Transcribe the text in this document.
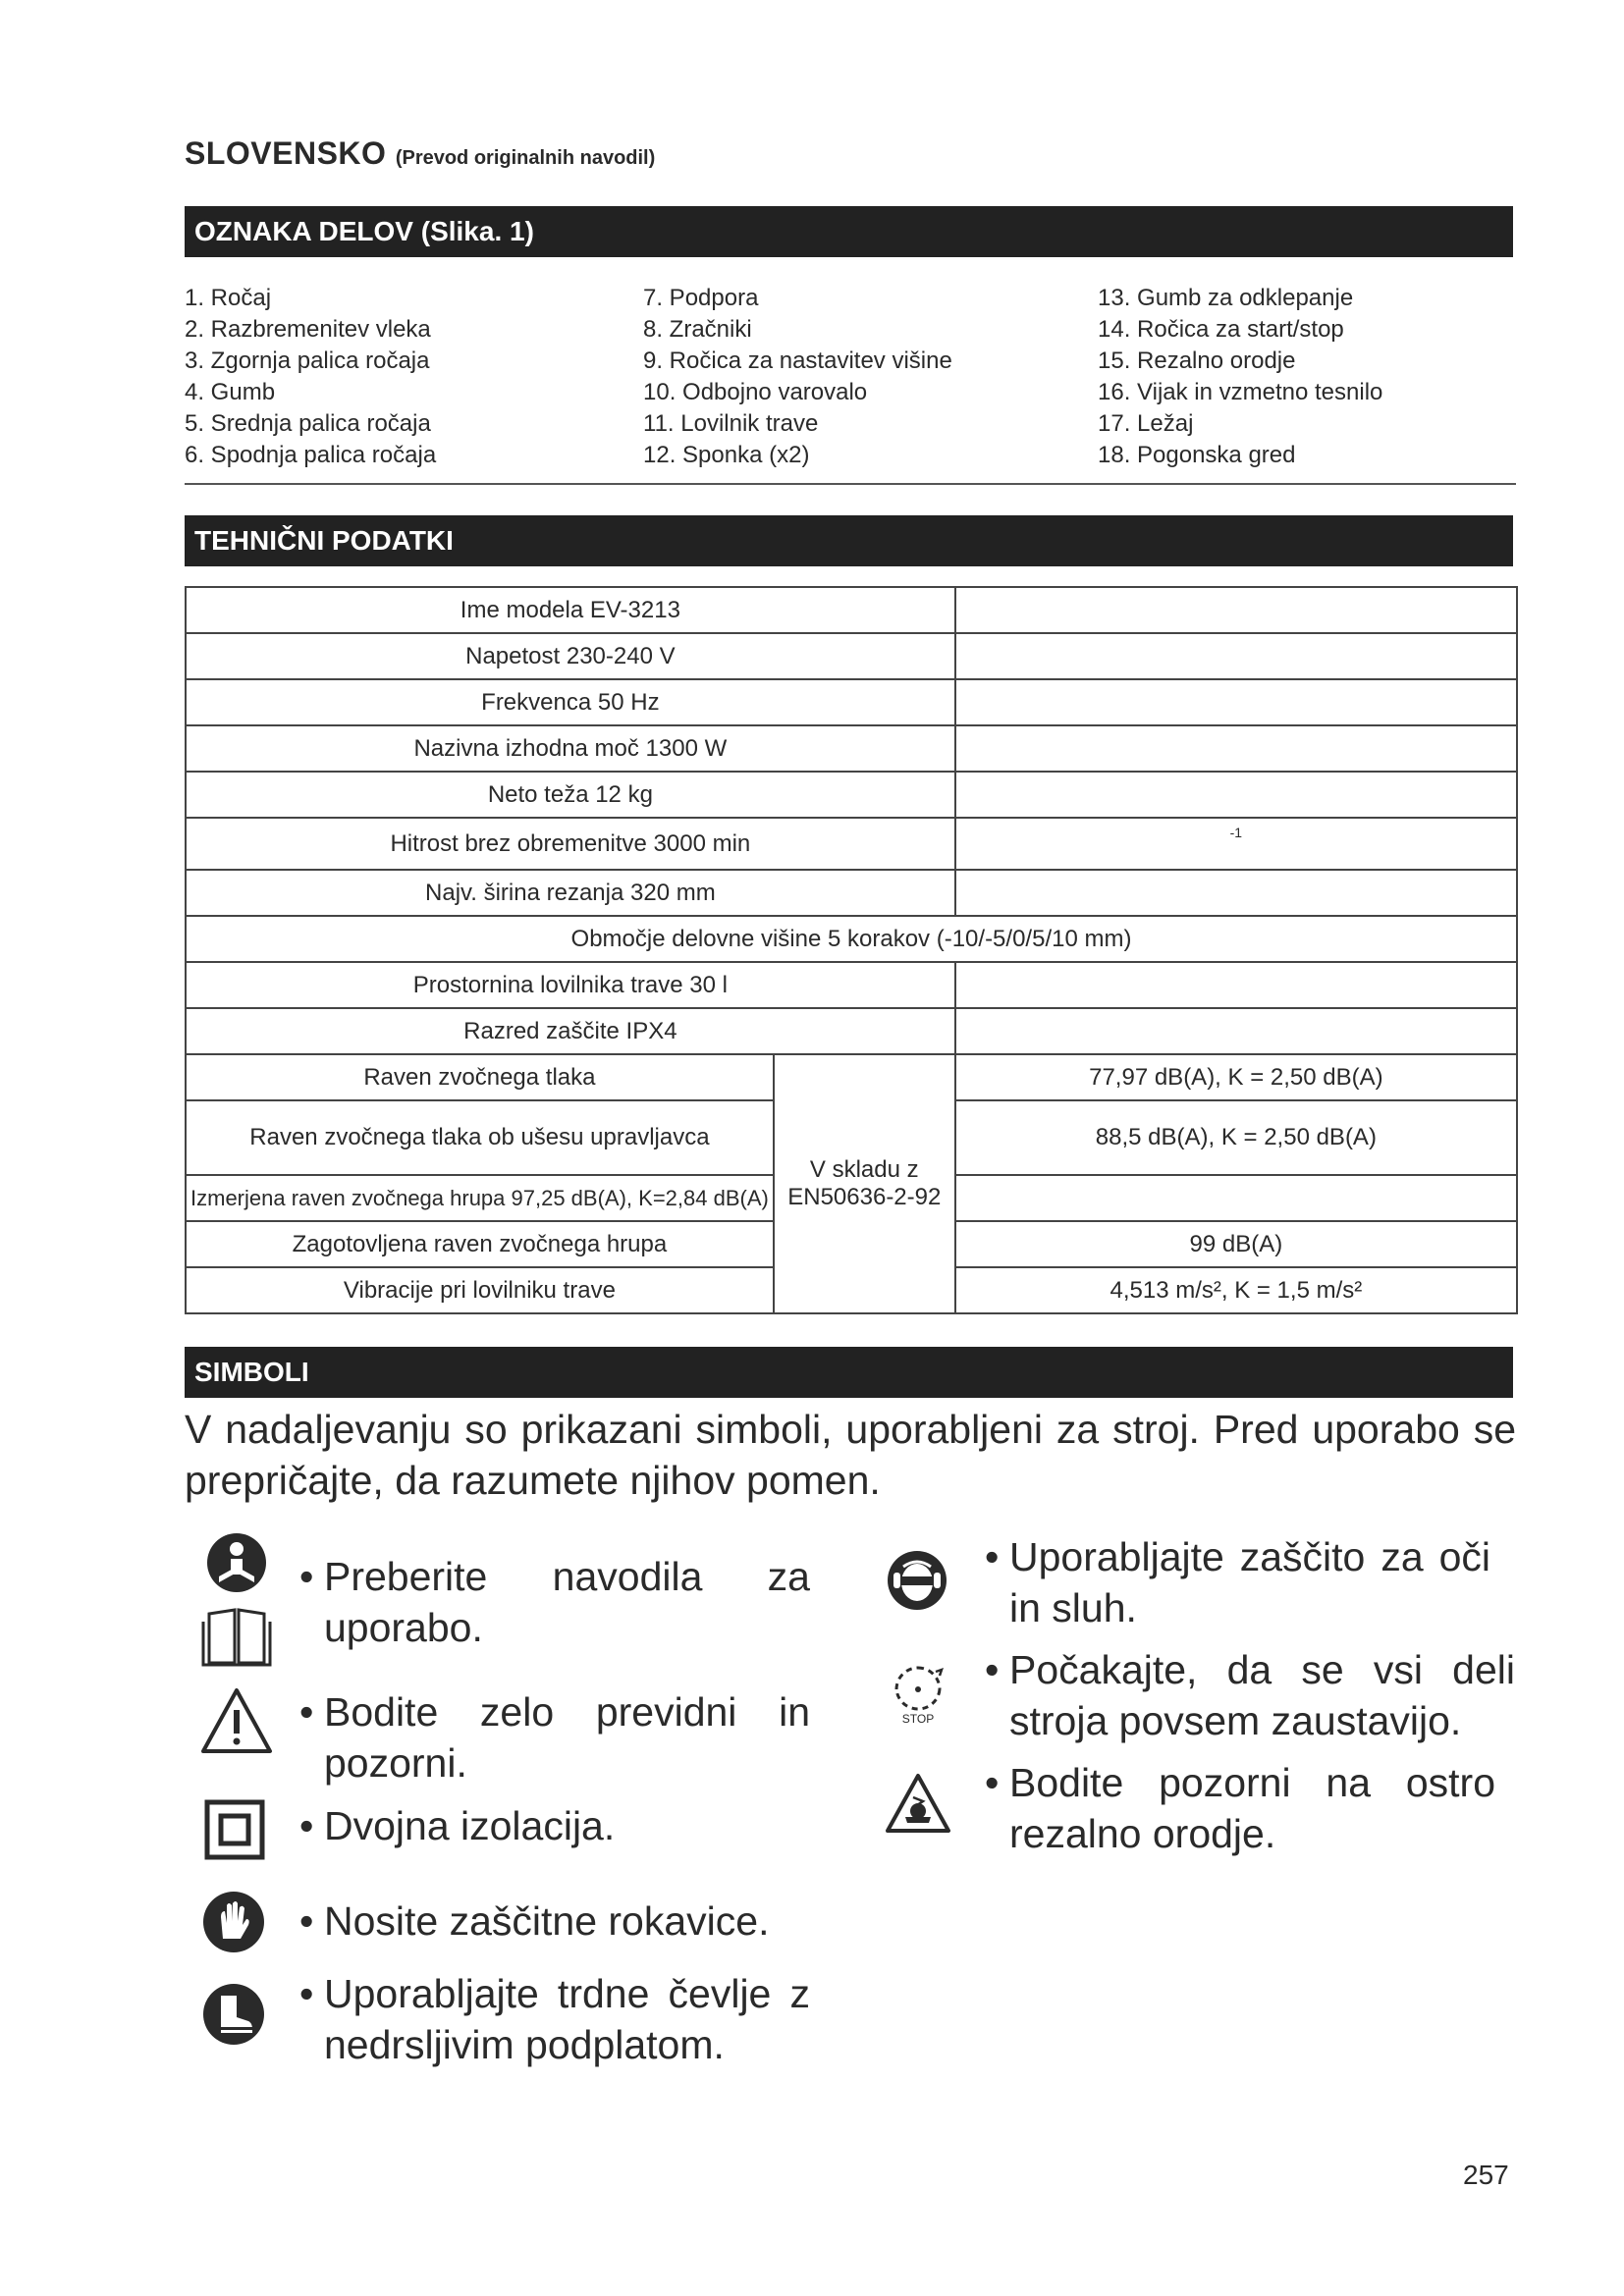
SLOVENSKO (Prevod originalnih navodil)
OZNAKA DELOV (Slika. 1)
1. Ročaj
2. Razbremenitev vleka
3. Zgornja palica ročaja
4. Gumb
5. Srednja palica ročaja
6. Spodnja palica ročaja
7. Podpora
8. Zračniki
9. Ročica za nastavitev višine
10. Odbojno varovalo
11. Lovilnik trave
12. Sponka (x2)
13. Gumb za odklepanje
14. Ročica za start/stop
15. Rezalno orodje
16. Vijak in vzmetno tesnilo
17. Ležaj
18. Pogonska gred
TEHNIČNI PODATKI
Ime modela EV-3213		
Napetost 230-240 V		
Frekvenca 50 Hz		
Nazivna izhodna moč 1300 W		
Neto teža 12 kg		
Hitrost brez obremenitve 3000 min		-1
Najv. širina rezanja 320 mm		
Območje delovne višine 5 korakov (-10/-5/0/5/10 mm)		
Prostornina lovilnika trave 30 l		
Razred zaščite IPX4		
Raven zvočnega tlaka	V skladu z EN50636-2-92	77,97 dB(A), K = 2,50 dB(A)
Raven zvočnega tlaka ob ušesu upravljavca		88,5 dB(A), K = 2,50 dB(A)
Izmerjena raven zvočnega hrupa 97,25 dB(A), K=2,84 dB(A)		
Zagotovljena raven zvočnega hrupa		99 dB(A)
Vibracije pri lovilniku trave		4,513 m/s², K = 1,5 m/s²
SIMBOLI
V nadaljevanju so prikazani simboli, uporabljeni za stroj. Pred uporabo se prepričajte, da razumete njihov pomen.
STOP
• Preberite navodila za uporabo.
• Bodite zelo previdni in pozorni.
• Dvojna izolacija.
• Nosite zaščitne rokavice.
• Uporabljajte trdne čevlje z nedrsljivim podplatom.
• Uporabljajte zaščito za oči in sluh.
• Počakajte, da se vsi deli stroja povsem zaustavijo.
• Bodite pozorni na ostro rezalno orodje.
257
